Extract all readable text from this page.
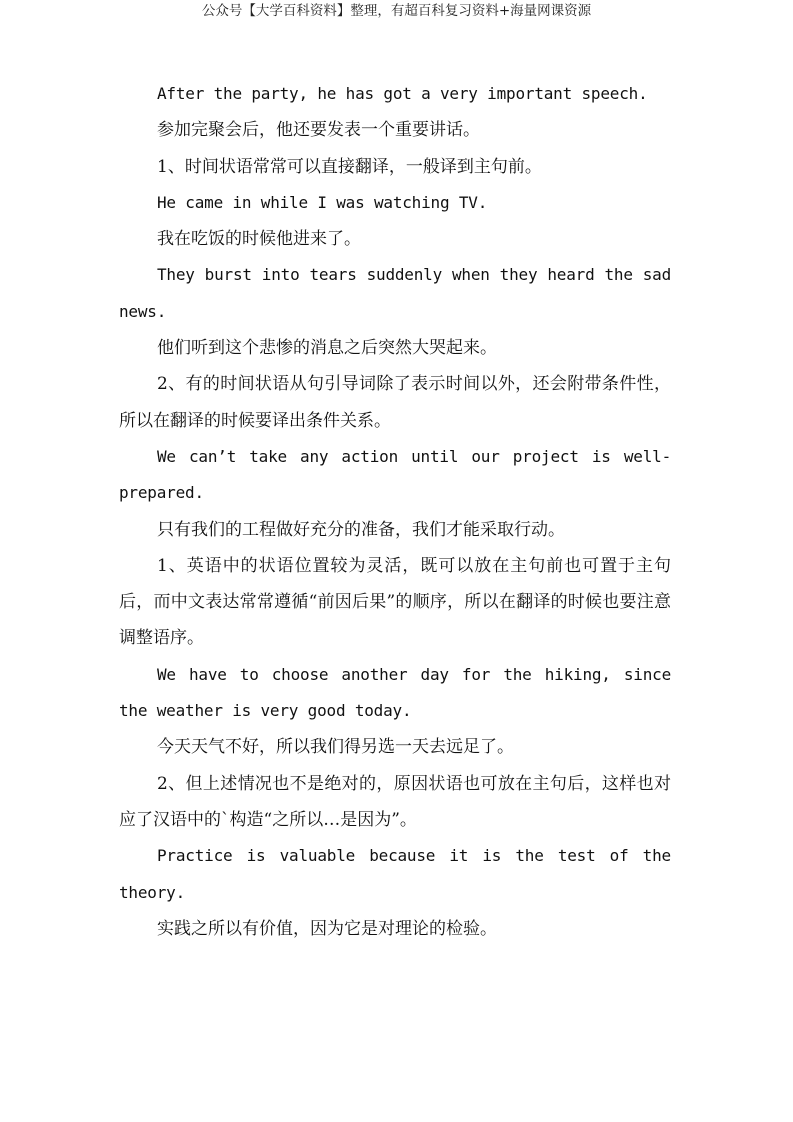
公众号【大学百科资料】整理，有超百科复习资料+海量网课资源

After the party, he has got a very important speech.

参加完聚会后，他还要发表一个重要讲话。

1、时间状语常常可以直接翻译，一般译到主句前。

He came in while I was watching TV.

我在吃饭的时候他进来了。

They burst into tears suddenly when they heard the sad news.

他们听到这个悲惨的消息之后突然大哭起来。

2、有的时间状语从句引导词除了表示时间以外，还会附带条件性，所以在翻译的时候要译出条件关系。

We can’t take any action until our project is well-prepared.

只有我们的工程做好充分的准备，我们才能采取行动。

1、英语中的状语位置较为灵活，既可以放在主句前也可置于主句后，而中文表达常常遵循“前因后果”的顺序，所以在翻译的时候也要注意调整语序。

We have to choose another day for the hiking, since the weather is very good today.

今天天气不好，所以我们得另选一天去远足了。

2、但上述情况也不是绝对的，原因状语也可放在主句后，这样也对应了汉语中的`构造“之所以…是因为”。

Practice is valuable because it is the test of the theory.

实践之所以有价值，因为它是对理论的检验。
